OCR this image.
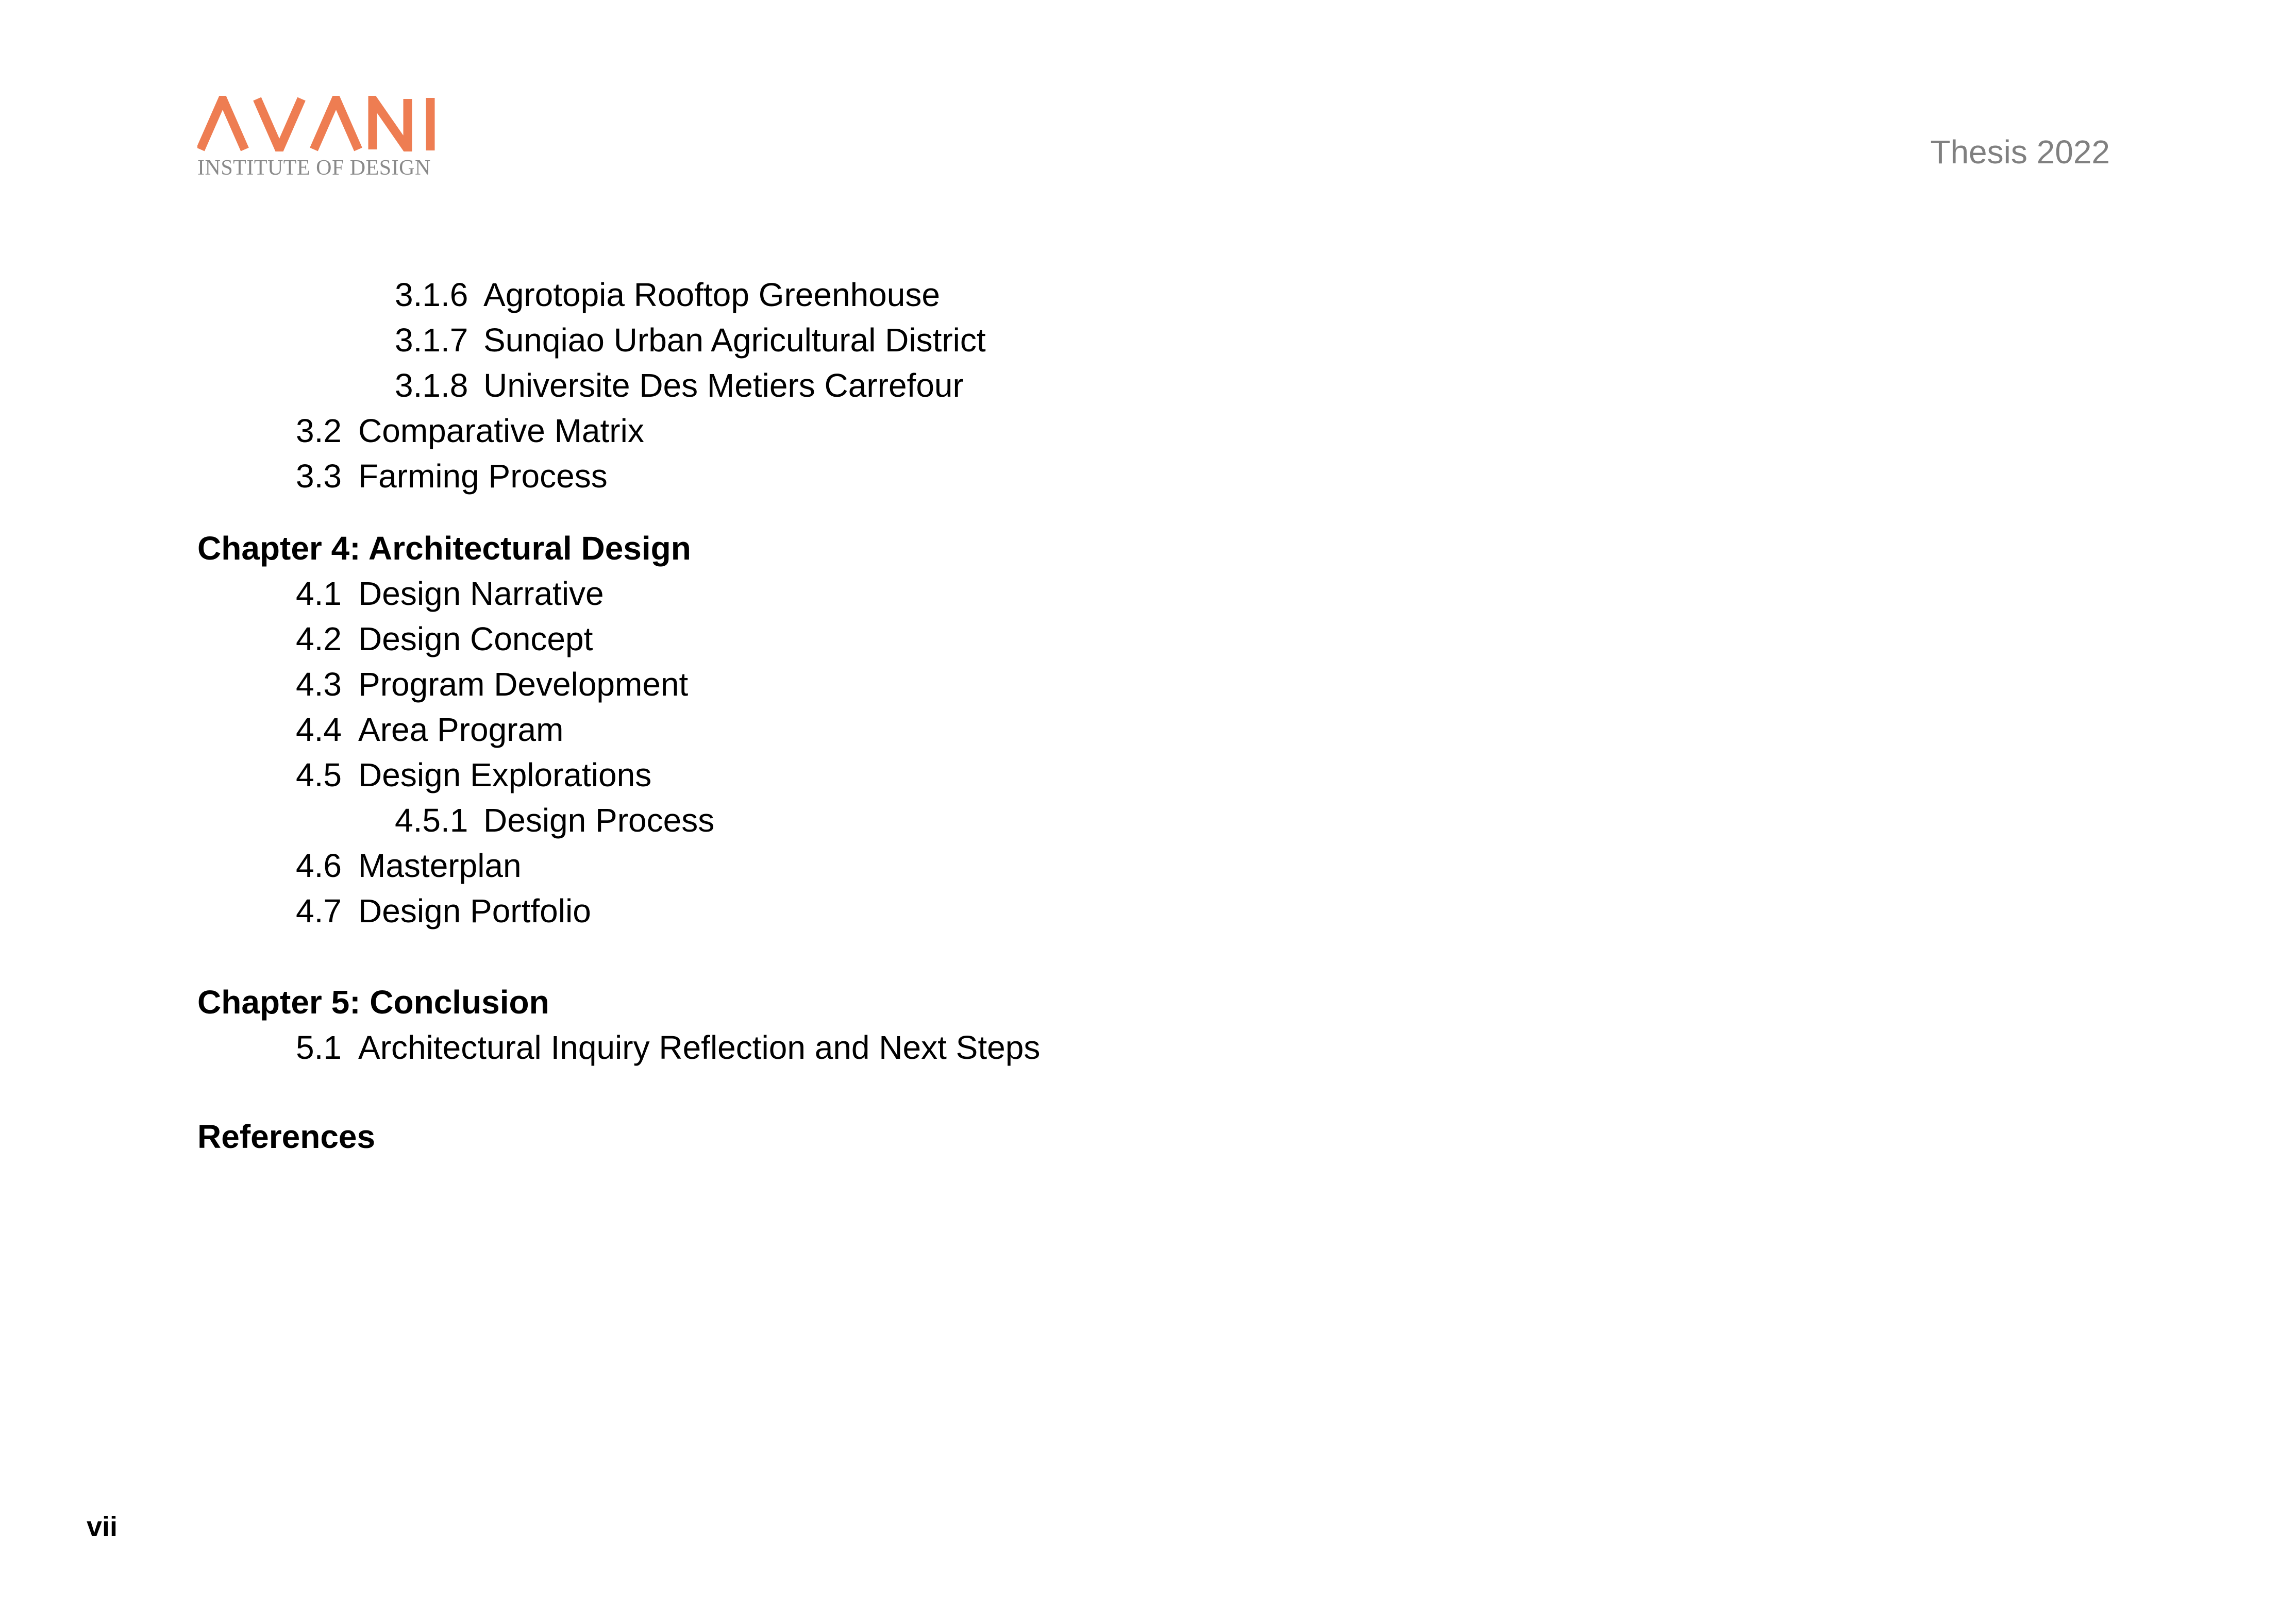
INSTITUTE OF DESIGN	Thesis 2022
3.1.6 Agrotopia Rooftop Greenhouse
3.1.7 Sunqiao Urban Agricultural District
3.1.8 Universite Des Metiers Carrefour
3.2 Comparative Matrix
3.3 Farming Process
Chapter 4: Architectural Design
4.1 Design Narrative
4.2 Design Concept
4.3 Program Development
4.4 Area Program
4.5 Design Explorations
4.5.1 Design Process
4.6 Masterplan
4.7 Design Portfolio
Chapter 5: Conclusion
5.1 Architectural Inquiry Reflection and Next Steps
References
vii
